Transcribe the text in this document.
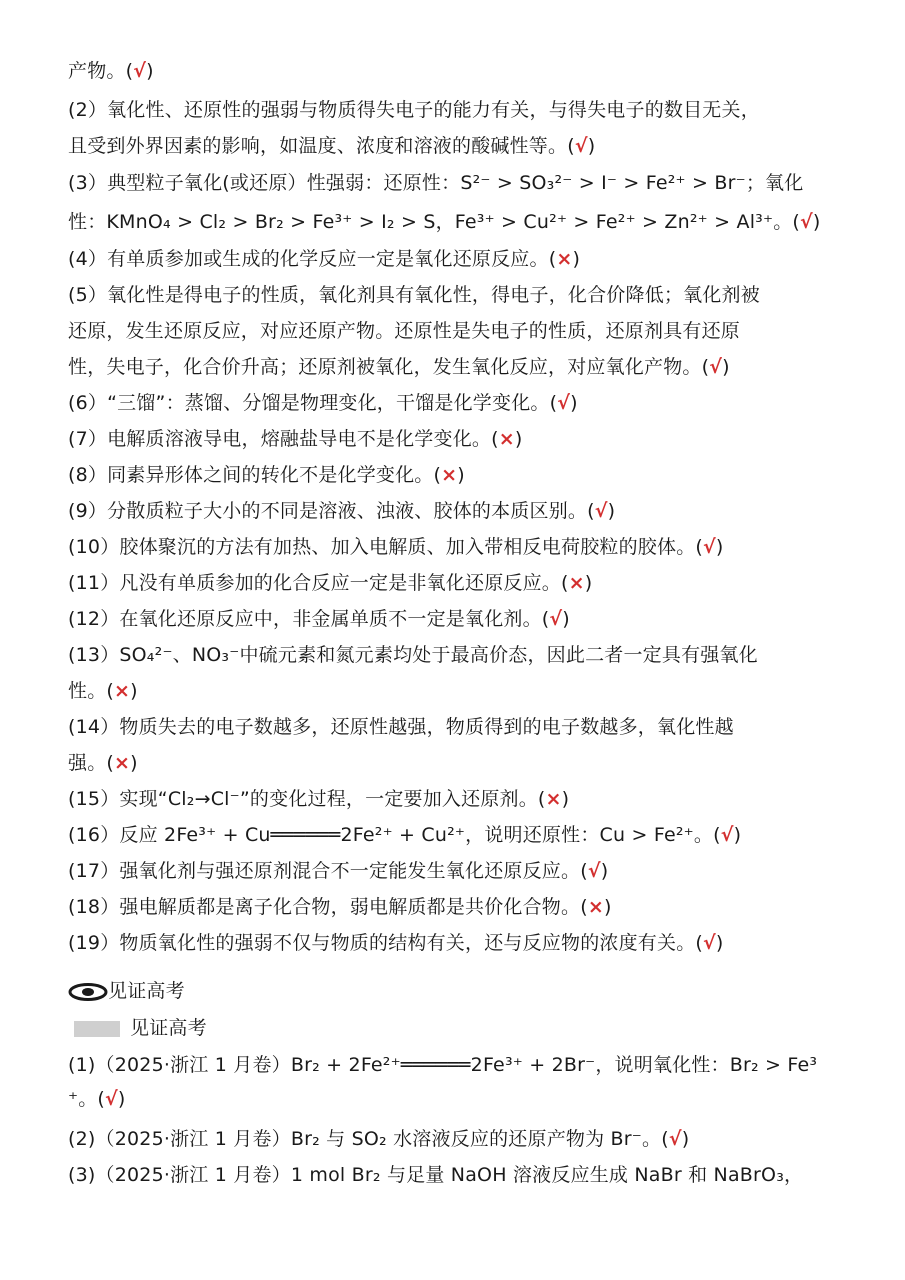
产物。(√)
(2）氧化性、还原性的强弱与物质得失电子的能力有关，与得失电子的数目无关，
且受到外界因素的影响，如温度、浓度和溶液的酸碱性等。(√)
(3）典型粒子氧化(或还原）性强弱：还原性：S²⁻ > SO₃²⁻ > I⁻ > Fe²⁺ > Br⁻；氧化
性：KMnO₄ > Cl₂ > Br₂ > Fe³⁺ > I₂ > S，Fe³⁺ > Cu²⁺ > Fe²⁺ > Zn²⁺ > Al³⁺。(√)
(4）有单质参加或生成的化学反应一定是氧化还原反应。(×)
(5）氧化性是得电子的性质，氧化剂具有氧化性，得电子，化合价降低；氧化剂被
还原，发生还原反应，对应还原产物。还原性是失电子的性质，还原剂具有还原
性，失电子，化合价升高；还原剂被氧化，发生氧化反应，对应氧化产物。(√)
(6）“三馏”：蒸馏、分馏是物理变化，干馏是化学变化。(√)
(7）电解质溶液导电，熔融盐导电不是化学变化。(×)
(8）同素异形体之间的转化不是化学变化。(×)
(9）分散质粒子大小的不同是溶液、浊液、胶体的本质区别。(√)
(10）胶体聚沉的方法有加热、加入电解质、加入带相反电荷胶粒的胶体。(√)
(11）凡没有单质参加的化合反应一定是非氧化还原反应。(×)
(12）在氧化还原反应中，非金属单质不一定是氧化剂。(√)
(13）SO₄²⁻、NO₃⁻中硫元素和氮元素均处于最高价态，因此二者一定具有强氧化
性。(×)
(14）物质失去的电子数越多，还原性越强，物质得到的电子数越多，氧化性越
强。(×)
(15）实现“Cl₂→Cl⁻”的变化过程，一定要加入还原剂。(×)
(16）反应 2Fe³⁺ + Cu══════2Fe²⁺ + Cu²⁺，说明还原性：Cu > Fe²⁺。(√)
(17）强氧化剂与强还原剂混合不一定能发生氧化还原反应。(√)
(18）强电解质都是离子化合物，弱电解质都是共价化合物。(×)
(19）物质氧化性的强弱不仅与物质的结构有关，还与反应物的浓度有关。(√)
见证高考
见证高考
(1)（2025·浙江 1 月卷）Br₂ + 2Fe²⁺══════2Fe³⁺ + 2Br⁻，说明氧化性：Br₂ > Fe³
⁺。(√)
(2)（2025·浙江 1 月卷）Br₂ 与 SO₂ 水溶液反应的还原产物为 Br⁻。(√)
(3)（2025·浙江 1 月卷）1 mol Br₂ 与足量 NaOH 溶液反应生成 NaBr 和 NaBrO₃，
